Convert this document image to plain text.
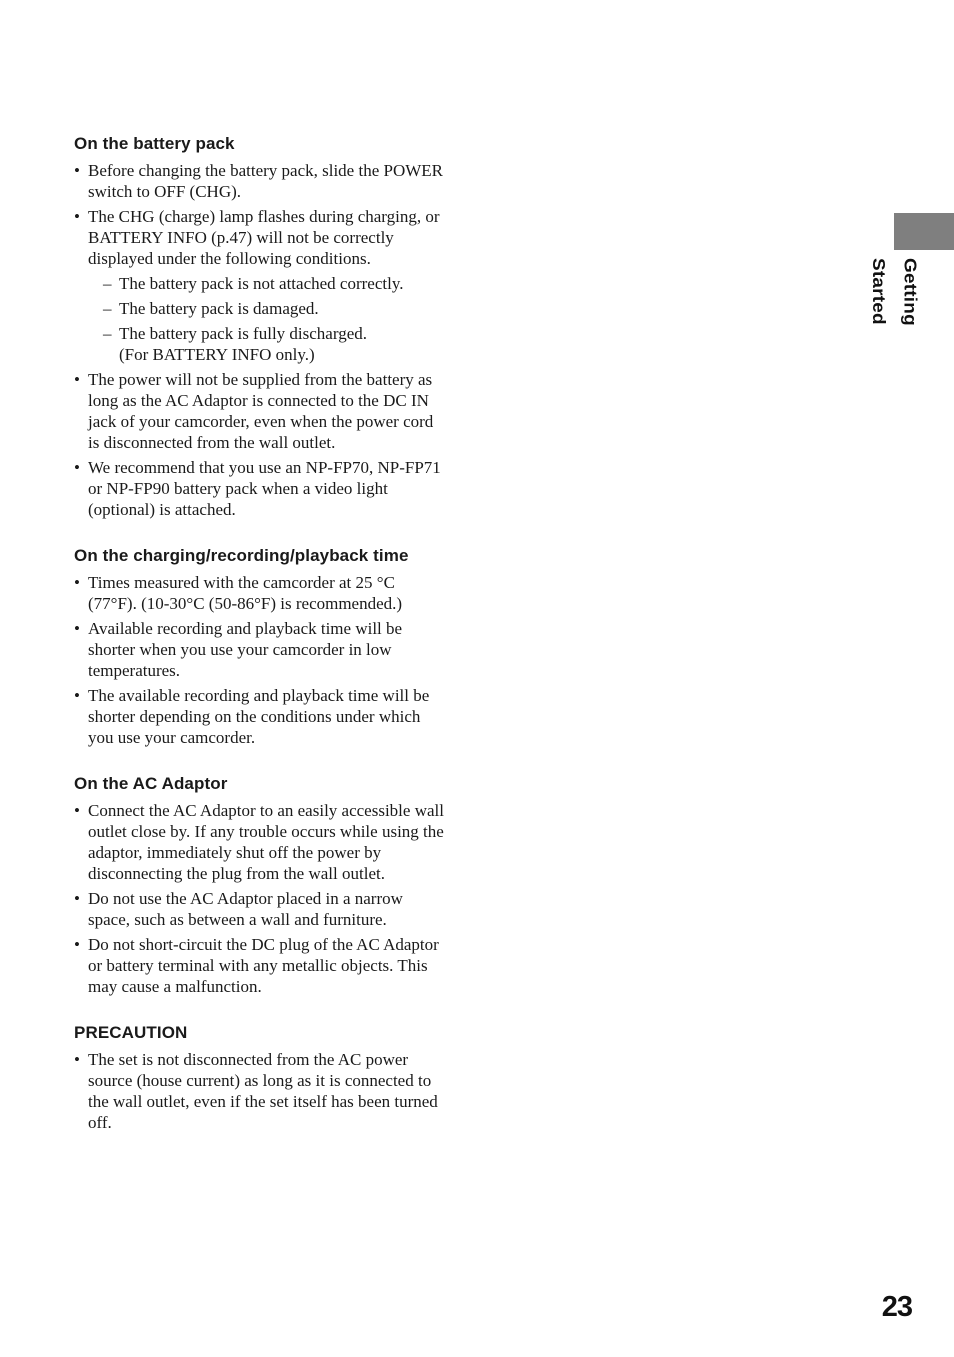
On the battery pack
• Before changing the battery pack, slide the POWER switch to OFF (CHG).
• The CHG (charge) lamp flashes during charging, or BATTERY INFO (p.47) will not be correctly displayed under the following conditions.
– The battery pack is not attached correctly.
– The battery pack is damaged.
– The battery pack is fully discharged.
(For BATTERY INFO only.)
• The power will not be supplied from the battery as long as the AC Adaptor is connected to the DC IN jack of your camcorder, even when the power cord is disconnected from the wall outlet.
• We recommend that you use an NP-FP70, NP-FP71 or NP-FP90 battery pack when a video light (optional) is attached.
On the charging/recording/playback time
• Times measured with the camcorder at 25 °C (77°F). (10-30°C (50-86°F) is recommended.)
• Available recording and playback time will be shorter when you use your camcorder in low temperatures.
• The available recording and playback time will be shorter depending on the conditions under which you use your camcorder.
On the AC Adaptor
• Connect the AC Adaptor to an easily accessible wall outlet close by. If any trouble occurs while using the adaptor, immediately shut off the power by disconnecting the plug from the wall outlet.
• Do not use the AC Adaptor placed in a narrow space, such as between a wall and furniture.
• Do not short-circuit the DC plug of the AC Adaptor or battery terminal with any metallic objects. This may cause a malfunction.
PRECAUTION
• The set is not disconnected from the AC power source (house current) as long as it is connected to the wall outlet, even if the set itself has been turned off.
Getting Started
23
